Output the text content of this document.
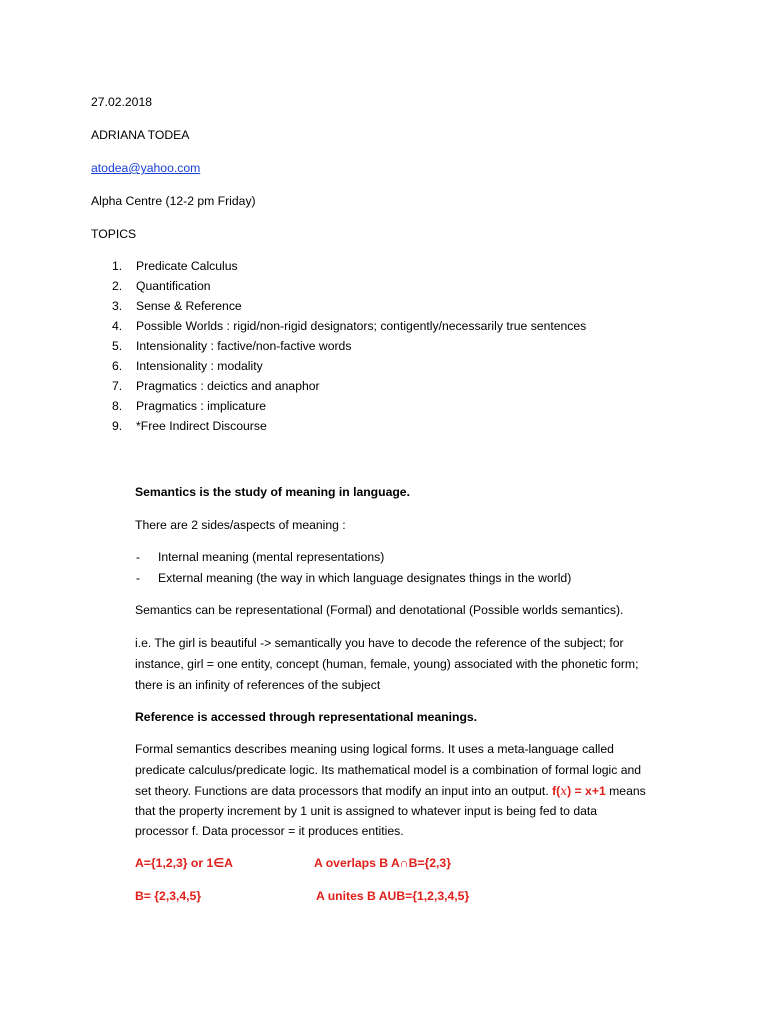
27.02.2018
ADRIANA TODEA
atodea@yahoo.com
Alpha Centre (12-2 pm Friday)
TOPICS
1.	Predicate Calculus
2.	Quantification
3.	Sense & Reference
4.	Possible Worlds : rigid/non-rigid designators; contigently/necessarily true sentences
5.	Intensionality : factive/non-factive words
6.	Intensionality : modality
7.	Pragmatics : deictics and anaphor
8.	Pragmatics : implicature
9.	*Free Indirect Discourse
Semantics is the study of meaning in language.
There are 2 sides/aspects of meaning :
- Internal meaning (mental representations)
- External meaning (the way in which language designates things in the world)
Semantics can be representational (Formal) and denotational (Possible worlds semantics).
i.e. The girl is beautiful -> semantically you have to decode the reference of the subject; for
instance, girl = one entity, concept (human, female, young) associated with the phonetic form;
there is an infinity of references of the subject
Reference is accessed through representational meanings.
Formal semantics describes meaning using logical forms. It uses a meta-language called
predicate calculus/predicate logic. Its mathematical model is a combination of formal logic and
set theory. Functions are data processors that modify an input into an output. f(x) = x+1 means
that the property increment by 1 unit is assigned to whatever input is being fed to data
processor f. Data processor = it produces entities.
A={1,2,3} or 1∈A	A overlaps B A∩B={2,3}
B= {2,3,4,5}	A unites B AUB={1,2,3,4,5}
